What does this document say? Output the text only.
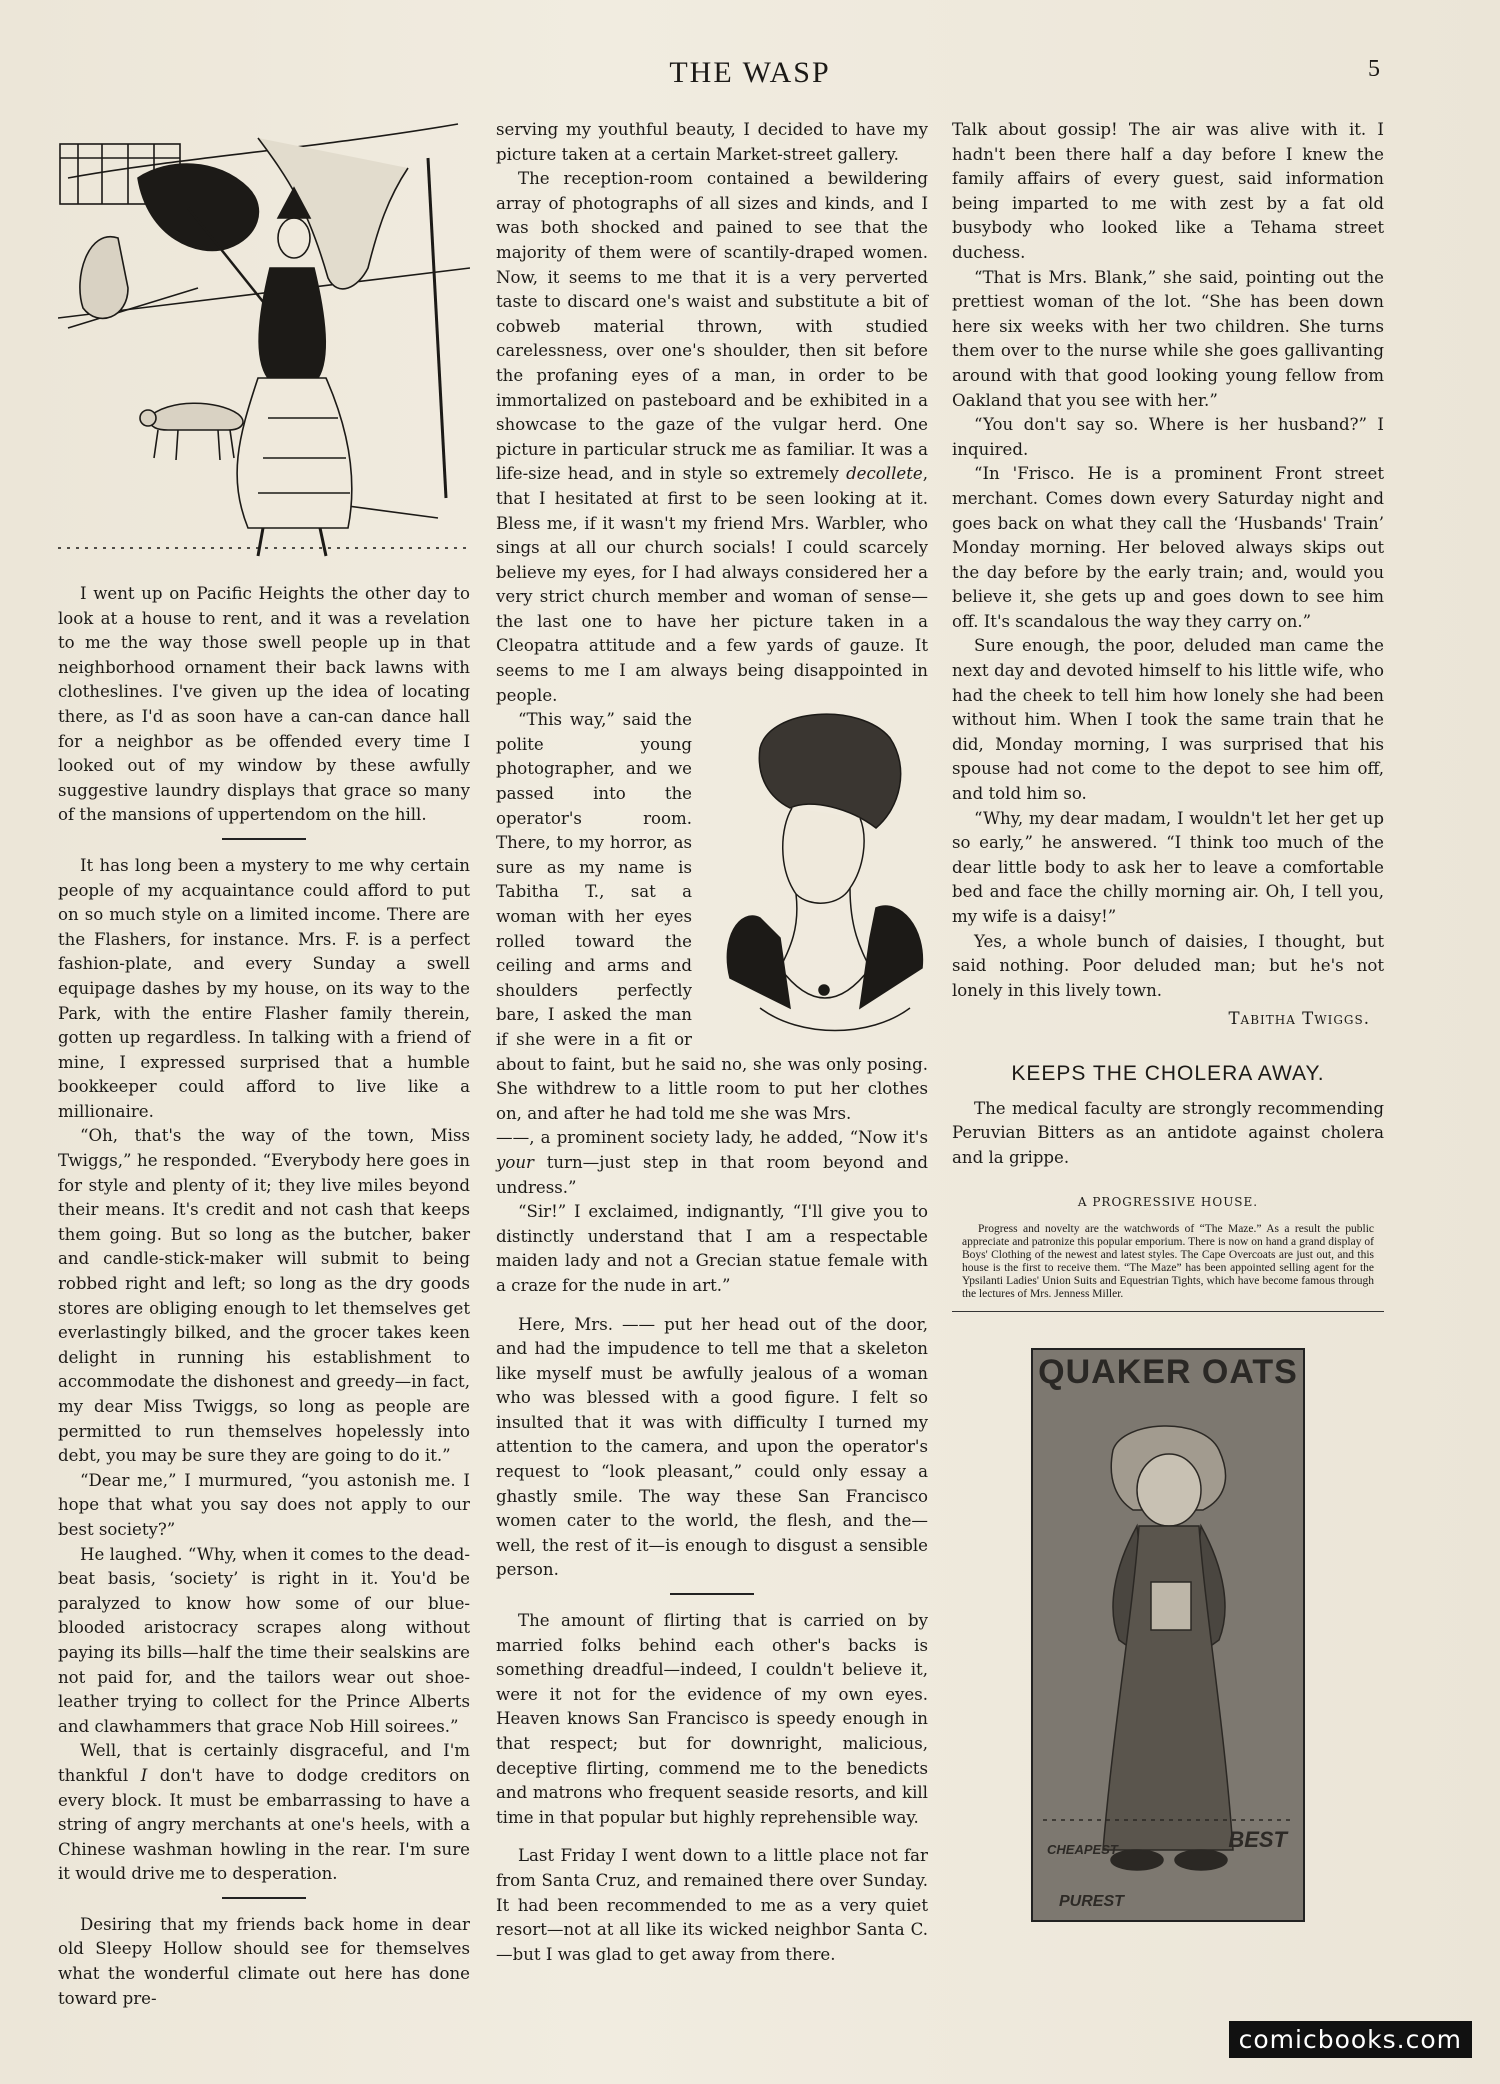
THE WASP	5

I went up on Pacific Heights the other day to look at a house to rent, and it was a revelation to me the way those swell people up in that neighborhood ornament their back lawns with clotheslines. I've given up the idea of locating there, as I'd as soon have a can-can dance hall for a neighbor as be offended every time I looked out of my window by these awfully suggestive laundry displays that grace so many of the mansions of uppertendom on the hill.

It has long been a mystery to me why certain people of my acquaintance could afford to put on so much style on a limited income. There are the Flashers, for instance. Mrs. F. is a perfect fashion-plate, and every Sunday a swell equipage dashes by my house, on its way to the Park, with the entire Flasher family therein, gotten up regardless. In talking with a friend of mine, I expressed surprised that a humble bookkeeper could afford to live like a millionaire.

“Oh, that's the way of the town, Miss Twiggs,” he responded. “Everybody here goes in for style and plenty of it; they live miles beyond their means. It's credit and not cash that keeps them going. But so long as the butcher, baker and candle-stick-maker will submit to being robbed right and left; so long as the dry goods stores are obliging enough to let themselves get everlastingly bilked, and the grocer takes keen delight in running his establishment to accommodate the dishonest and greedy—in fact, my dear Miss Twiggs, so long as people are permitted to run themselves hopelessly into debt, you may be sure they are going to do it.”

“Dear me,” I murmured, “you astonish me. I hope that what you say does not apply to our best society?”

He laughed. “Why, when it comes to the dead-beat basis, ‘society’ is right in it. You'd be paralyzed to know how some of our blue-blooded aristocracy scrapes along without paying its bills—half the time their sealskins are not paid for, and the tailors wear out shoe-leather trying to collect for the Prince Alberts and clawhammers that grace Nob Hill soirees.”

Well, that is certainly disgraceful, and I'm thankful I don't have to dodge creditors on every block. It must be embarrassing to have a string of angry merchants at one's heels, with a Chinese washman howling in the rear. I'm sure it would drive me to desperation.

Desiring that my friends back home in dear old Sleepy Hollow should see for themselves what the wonderful climate out here has done toward pre-

serving my youthful beauty, I decided to have my picture taken at a certain Market-street gallery.

The reception-room contained a bewildering array of photographs of all sizes and kinds, and I was both shocked and pained to see that the majority of them were of scantily-draped women. Now, it seems to me that it is a very perverted taste to discard one's waist and substitute a bit of cobweb material thrown, with studied carelessness, over one's shoulder, then sit before the profaning eyes of a man, in order to be immortalized on pasteboard and be exhibited in a showcase to the gaze of the vulgar herd. One picture in particular struck me as familiar. It was a life-size head, and in style so extremely decollete, that I hesitated at first to be seen looking at it. Bless me, if it wasn't my friend Mrs. Warbler, who sings at all our church socials! I could scarcely believe my eyes, for I had always considered her a very strict church member and woman of sense—the last one to have her picture taken in a Cleopatra attitude and a few yards of gauze. It seems to me I am always being disappointed in people.

“This way,” said the polite young photographer, and we passed into the operator's room. There, to my horror, as sure as my name is Tabitha T., sat a woman with her eyes rolled toward the ceiling and arms and shoulders perfectly bare, I asked the man if she were in a fit or about to faint, but he said no, she was only posing. She withdrew to a little room to put her clothes on, and after he had told me she was Mrs.

——, a prominent society lady, he added, “Now it's your turn—just step in that room beyond and undress.”

“Sir!” I exclaimed, indignantly, “I'll give you to distinctly understand that I am a respectable maiden lady and not a Grecian statue female with a craze for the nude in art.”

Here, Mrs. —— put her head out of the door, and had the impudence to tell me that a skeleton like myself must be awfully jealous of a woman who was blessed with a good figure. I felt so insulted that it was with difficulty I turned my attention to the camera, and upon the operator's request to “look pleasant,” could only essay a ghastly smile. The way these San Francisco women cater to the world, the flesh, and the— well, the rest of it—is enough to disgust a sensible person.

The amount of flirting that is carried on by married folks behind each other's backs is something dreadful—indeed, I couldn't believe it, were it not for the evidence of my own eyes. Heaven knows San Francisco is speedy enough in that respect; but for downright, malicious, deceptive flirting, commend me to the benedicts and matrons who frequent seaside resorts, and kill time in that popular but highly reprehensible way.

Last Friday I went down to a little place not far from Santa Cruz, and remained there over Sunday. It had been recommended to me as a very quiet resort—not at all like its wicked neighbor Santa C.—but I was glad to get away from there.

Talk about gossip! The air was alive with it. I hadn't been there half a day before I knew the family affairs of every guest, said information being imparted to me with zest by a fat old busybody who looked like a Tehama street duchess.

“That is Mrs. Blank,” she said, pointing out the prettiest woman of the lot. “She has been down here six weeks with her two children. She turns them over to the nurse while she goes gallivanting around with that good looking young fellow from Oakland that you see with her.”

“You don't say so. Where is her husband?” I inquired.

“In 'Frisco. He is a prominent Front street merchant. Comes down every Saturday night and goes back on what they call the ‘Husbands' Train’ Monday morning. Her beloved always skips out the day before by the early train; and, would you believe it, she gets up and goes down to see him off. It's scandalous the way they carry on.”

Sure enough, the poor, deluded man came the next day and devoted himself to his little wife, who had the cheek to tell him how lonely she had been without him. When I took the same train that he did, Monday morning, I was surprised that his spouse had not come to the depot to see him off, and told him so.

“Why, my dear madam, I wouldn't let her get up so early,” he answered. “I think too much of the dear little body to ask her to leave a comfortable bed and face the chilly morning air. Oh, I tell you, my wife is a daisy!”

Yes, a whole bunch of daisies, I thought, but said nothing. Poor deluded man; but he's not lonely in this lively town.

Tabitha Twiggs.
KEEPS THE CHOLERA AWAY.

The medical faculty are strongly recommending Peruvian Bitters as an antidote against cholera and la grippe.

A PROGRESSIVE HOUSE.

Progress and novelty are the watchwords of “The Maze.” As a result the public appreciate and patronize this popular emporium. There is now on hand a grand display of Boys' Clothing of the newest and latest styles. The Cape Overcoats are just out, and this house is the first to receive them. “The Maze” has been appointed selling agent for the Ypsilanti Ladies' Union Suits and Equestrian Tights, which have become famous through the lectures of Mrs. Jenness Miller.

QUAKER OATS
CHEAPEST	BEST
PUREST
comicbooks.com
